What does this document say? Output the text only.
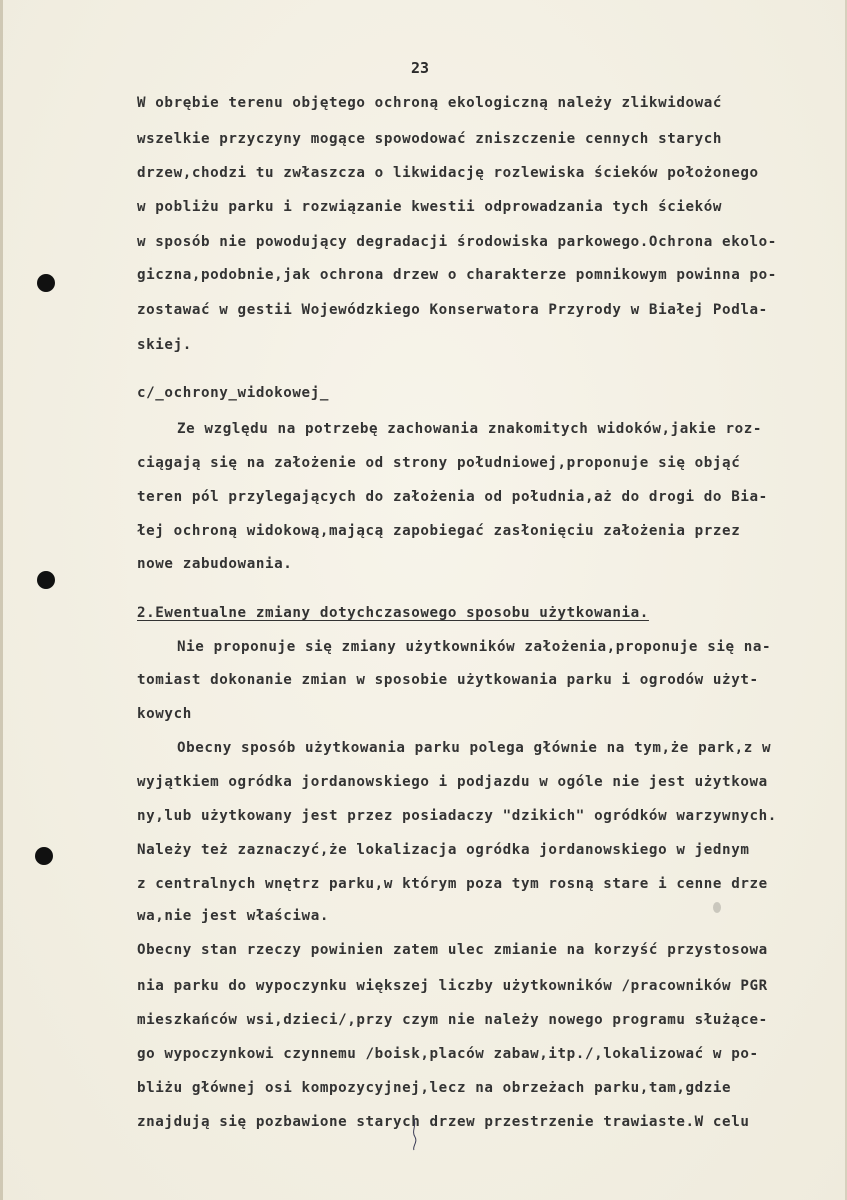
23
W obrębie terenu objętego ochroną ekologiczną należy zlikwidować
wszelkie przyczyny mogące spowodować zniszczenie cennych starych
drzew,chodzi tu zwłaszcza o likwidację rozlewiska ścieków położonego
w pobliżu parku i rozwiązanie kwestii odprowadzania tych ścieków
w sposób nie powodujący degradacji środowiska parkowego.Ochrona ekolo-
giczna,podobnie,jak ochrona drzew o charakterze pomnikowym powinna po-
zostawać w gestii Wojewódzkiego Konserwatora Przyrody w Białej Podla-
skiej.
c/_ochrony_widokowej_
Ze względu na potrzebę zachowania znakomitych widoków,jakie roz-
ciągają się na założenie od strony południowej,proponuje się objąć
teren pól przylegających do założenia od południa,aż do drogi do Bia-
łej ochroną widokową,mającą zapobiegać zasłonięciu założenia przez
nowe zabudowania.
2.Ewentualne zmiany dotychczasowego sposobu użytkowania.
Nie proponuje się zmiany użytkowników założenia,proponuje się na-
tomiast dokonanie zmian w sposobie użytkowania parku i ogrodów użyt-
kowych
Obecny sposób użytkowania parku polega głównie na tym,że park,z w
wyjątkiem ogródka jordanowskiego i podjazdu w ogóle nie jest użytkowa
ny,lub użytkowany jest przez posiadaczy "dzikich" ogródków warzywnych.
Należy też zaznaczyć,że lokalizacja ogródka jordanowskiego w jednym
z centralnych wnętrz parku,w którym poza tym rosną stare i cenne drze
wa,nie jest właściwa.
Obecny stan rzeczy powinien zatem ulec zmianie na korzyść przystosowa
nia parku do wypoczynku większej liczby użytkowników /pracowników PGR
mieszkańców wsi,dzieci/,przy czym nie należy nowego programu służące-
go wypoczynkowi czynnemu /boisk,placów zabaw,itp./,lokalizować w po-
bliżu głównej osi kompozycyjnej,lecz na obrzeżach parku,tam,gdzie
znajdują się pozbawione starych drzew przestrzenie trawiaste.W celu
